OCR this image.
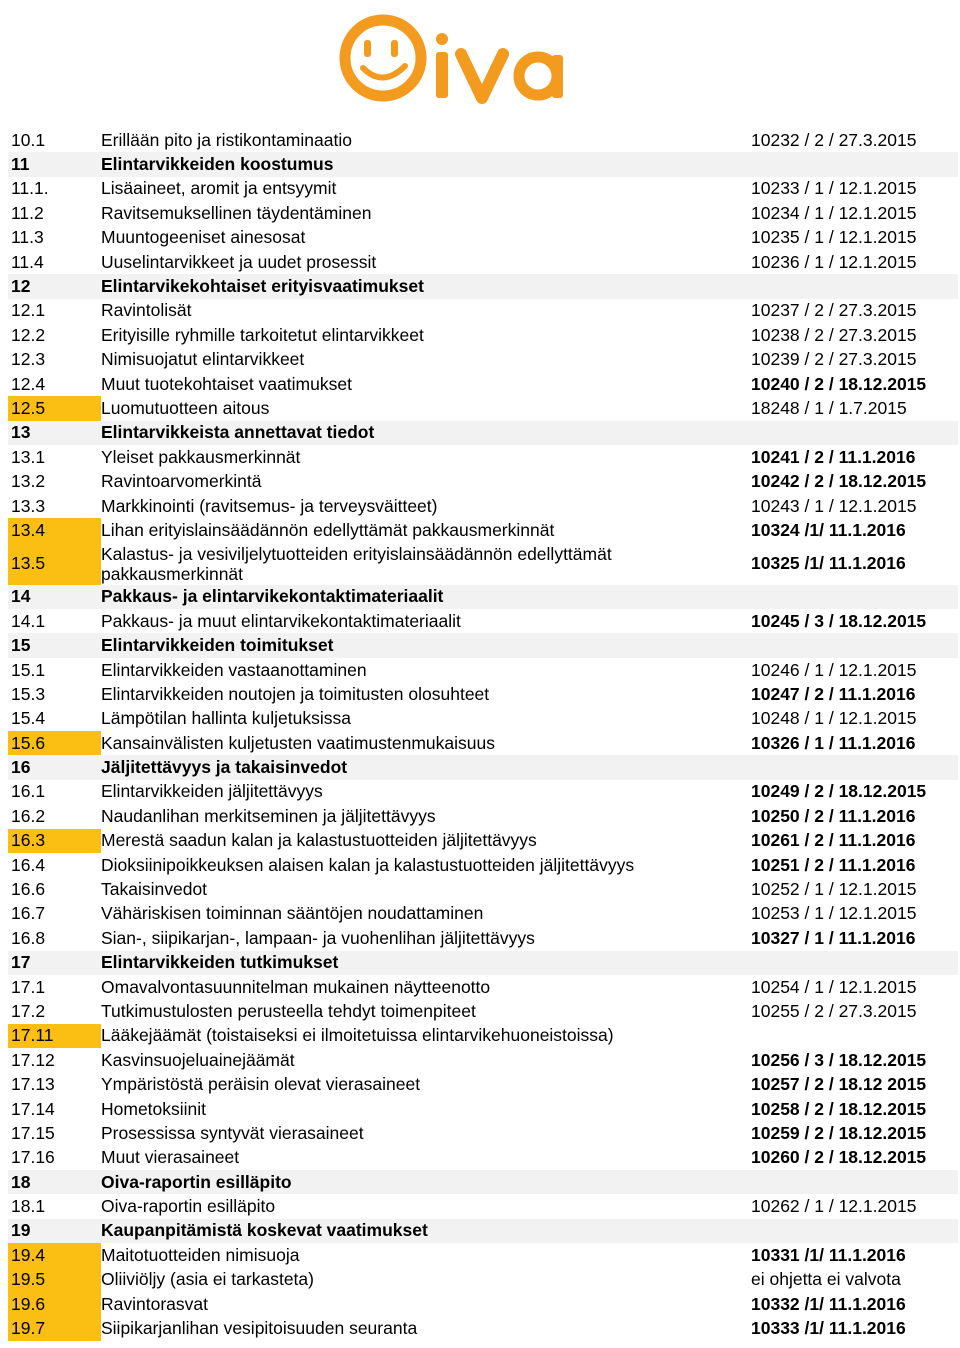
10.1	Erillään pito ja ristikontaminaatio	10232 / 2 / 27.3.2015
11	Elintarvikkeiden koostumus	
11.1.	Lisäaineet, aromit ja entsyymit	10233 / 1 / 12.1.2015
11.2	Ravitsemuksellinen täydentäminen	10234 / 1 / 12.1.2015
11.3	Muuntogeeniset ainesosat	10235 / 1 / 12.1.2015
11.4	Uuselintarvikkeet ja uudet prosessit	10236 / 1 / 12.1.2015
12	Elintarvikekohtaiset erityisvaatimukset	
12.1	Ravintolisät	10237 / 2 / 27.3.2015
12.2	Erityisille ryhmille tarkoitetut elintarvikkeet	10238 / 2 / 27.3.2015
12.3	Nimisuojatut elintarvikkeet	10239 / 2 / 27.3.2015
12.4	Muut tuotekohtaiset vaatimukset	10240 / 2 / 18.12.2015
12.5	Luomutuotteen aitous	18248 / 1 / 1.7.2015
13	Elintarvikkeista annettavat tiedot	
13.1	Yleiset pakkausmerkinnät	10241 / 2 / 11.1.2016
13.2	Ravintoarvomerkintä	10242 / 2 / 18.12.2015
13.3	Markkinointi (ravitsemus- ja terveysväitteet)	10243 / 1 / 12.1.2015
13.4	Lihan erityislainsäädännön edellyttämät pakkausmerkinnät	10324 /1/ 11.1.2016
13.5	Kalastus- ja vesiviljelytuotteiden erityislainsäädännön edellyttämät pakkausmerkinnät	10325 /1/ 11.1.2016
14	Pakkaus- ja elintarvikekontaktimateriaalit	
14.1	Pakkaus- ja muut elintarvikekontaktimateriaalit	10245 / 3 / 18.12.2015
15	Elintarvikkeiden toimitukset	
15.1	Elintarvikkeiden vastaanottaminen	10246 / 1 / 12.1.2015
15.3	Elintarvikkeiden noutojen ja toimitusten olosuhteet	10247 / 2 / 11.1.2016
15.4	Lämpötilan hallinta kuljetuksissa	10248 / 1 / 12.1.2015
15.6	Kansainvälisten kuljetusten vaatimustenmukaisuus	10326 / 1 / 11.1.2016
16	Jäljitettävyys ja takaisinvedot	
16.1	Elintarvikkeiden jäljitettävyys	10249 / 2 / 18.12.2015
16.2	Naudanlihan merkitseminen ja jäljitettävyys	10250 / 2 / 11.1.2016
16.3	Merestä saadun kalan ja kalastustuotteiden jäljitettävyys	10261 / 2 / 11.1.2016
16.4	Dioksiinipoikkeuksen alaisen kalan ja kalastustuotteiden jäljitettävyys	10251 / 2 / 11.1.2016
16.6	Takaisinvedot	10252 / 1 / 12.1.2015
16.7	Vähäriskisen toiminnan sääntöjen noudattaminen	10253 / 1 / 12.1.2015
16.8	Sian-, siipikarjan-, lampaan- ja vuohenlihan jäljitettävyys	10327 / 1 / 11.1.2016
17	Elintarvikkeiden tutkimukset	
17.1	Omavalvontasuunnitelman mukainen näytteenotto	10254 / 1 / 12.1.2015
17.2	Tutkimustulosten perusteella tehdyt toimenpiteet	10255 / 2 / 27.3.2015
17.11	Lääkejäämät (toistaiseksi ei ilmoitetuissa elintarvikehuoneistoissa)	
17.12	Kasvinsuojeluainejäämät	10256 / 3 / 18.12.2015
17.13	Ympäristöstä peräisin olevat vierasaineet	10257 / 2 / 18.12 2015
17.14	Hometoksiinit	10258 / 2 / 18.12.2015
17.15	Prosessissa syntyvät vierasaineet	10259 / 2 / 18.12.2015
17.16	Muut vierasaineet	10260 / 2 / 18.12.2015
18	Oiva-raportin esilläpito	
18.1	Oiva-raportin esilläpito	10262 / 1 / 12.1.2015
19	Kaupanpitämistä koskevat vaatimukset	
19.4	Maitotuotteiden nimisuoja	10331 /1/ 11.1.2016
19.5	Oliiviöljy (asia ei tarkasteta)	ei ohjetta ei valvota
19.6	Ravintorasvat	10332 /1/ 11.1.2016
19.7	Siipikarjanlihan vesipitoisuuden seuranta	10333 /1/ 11.1.2016
